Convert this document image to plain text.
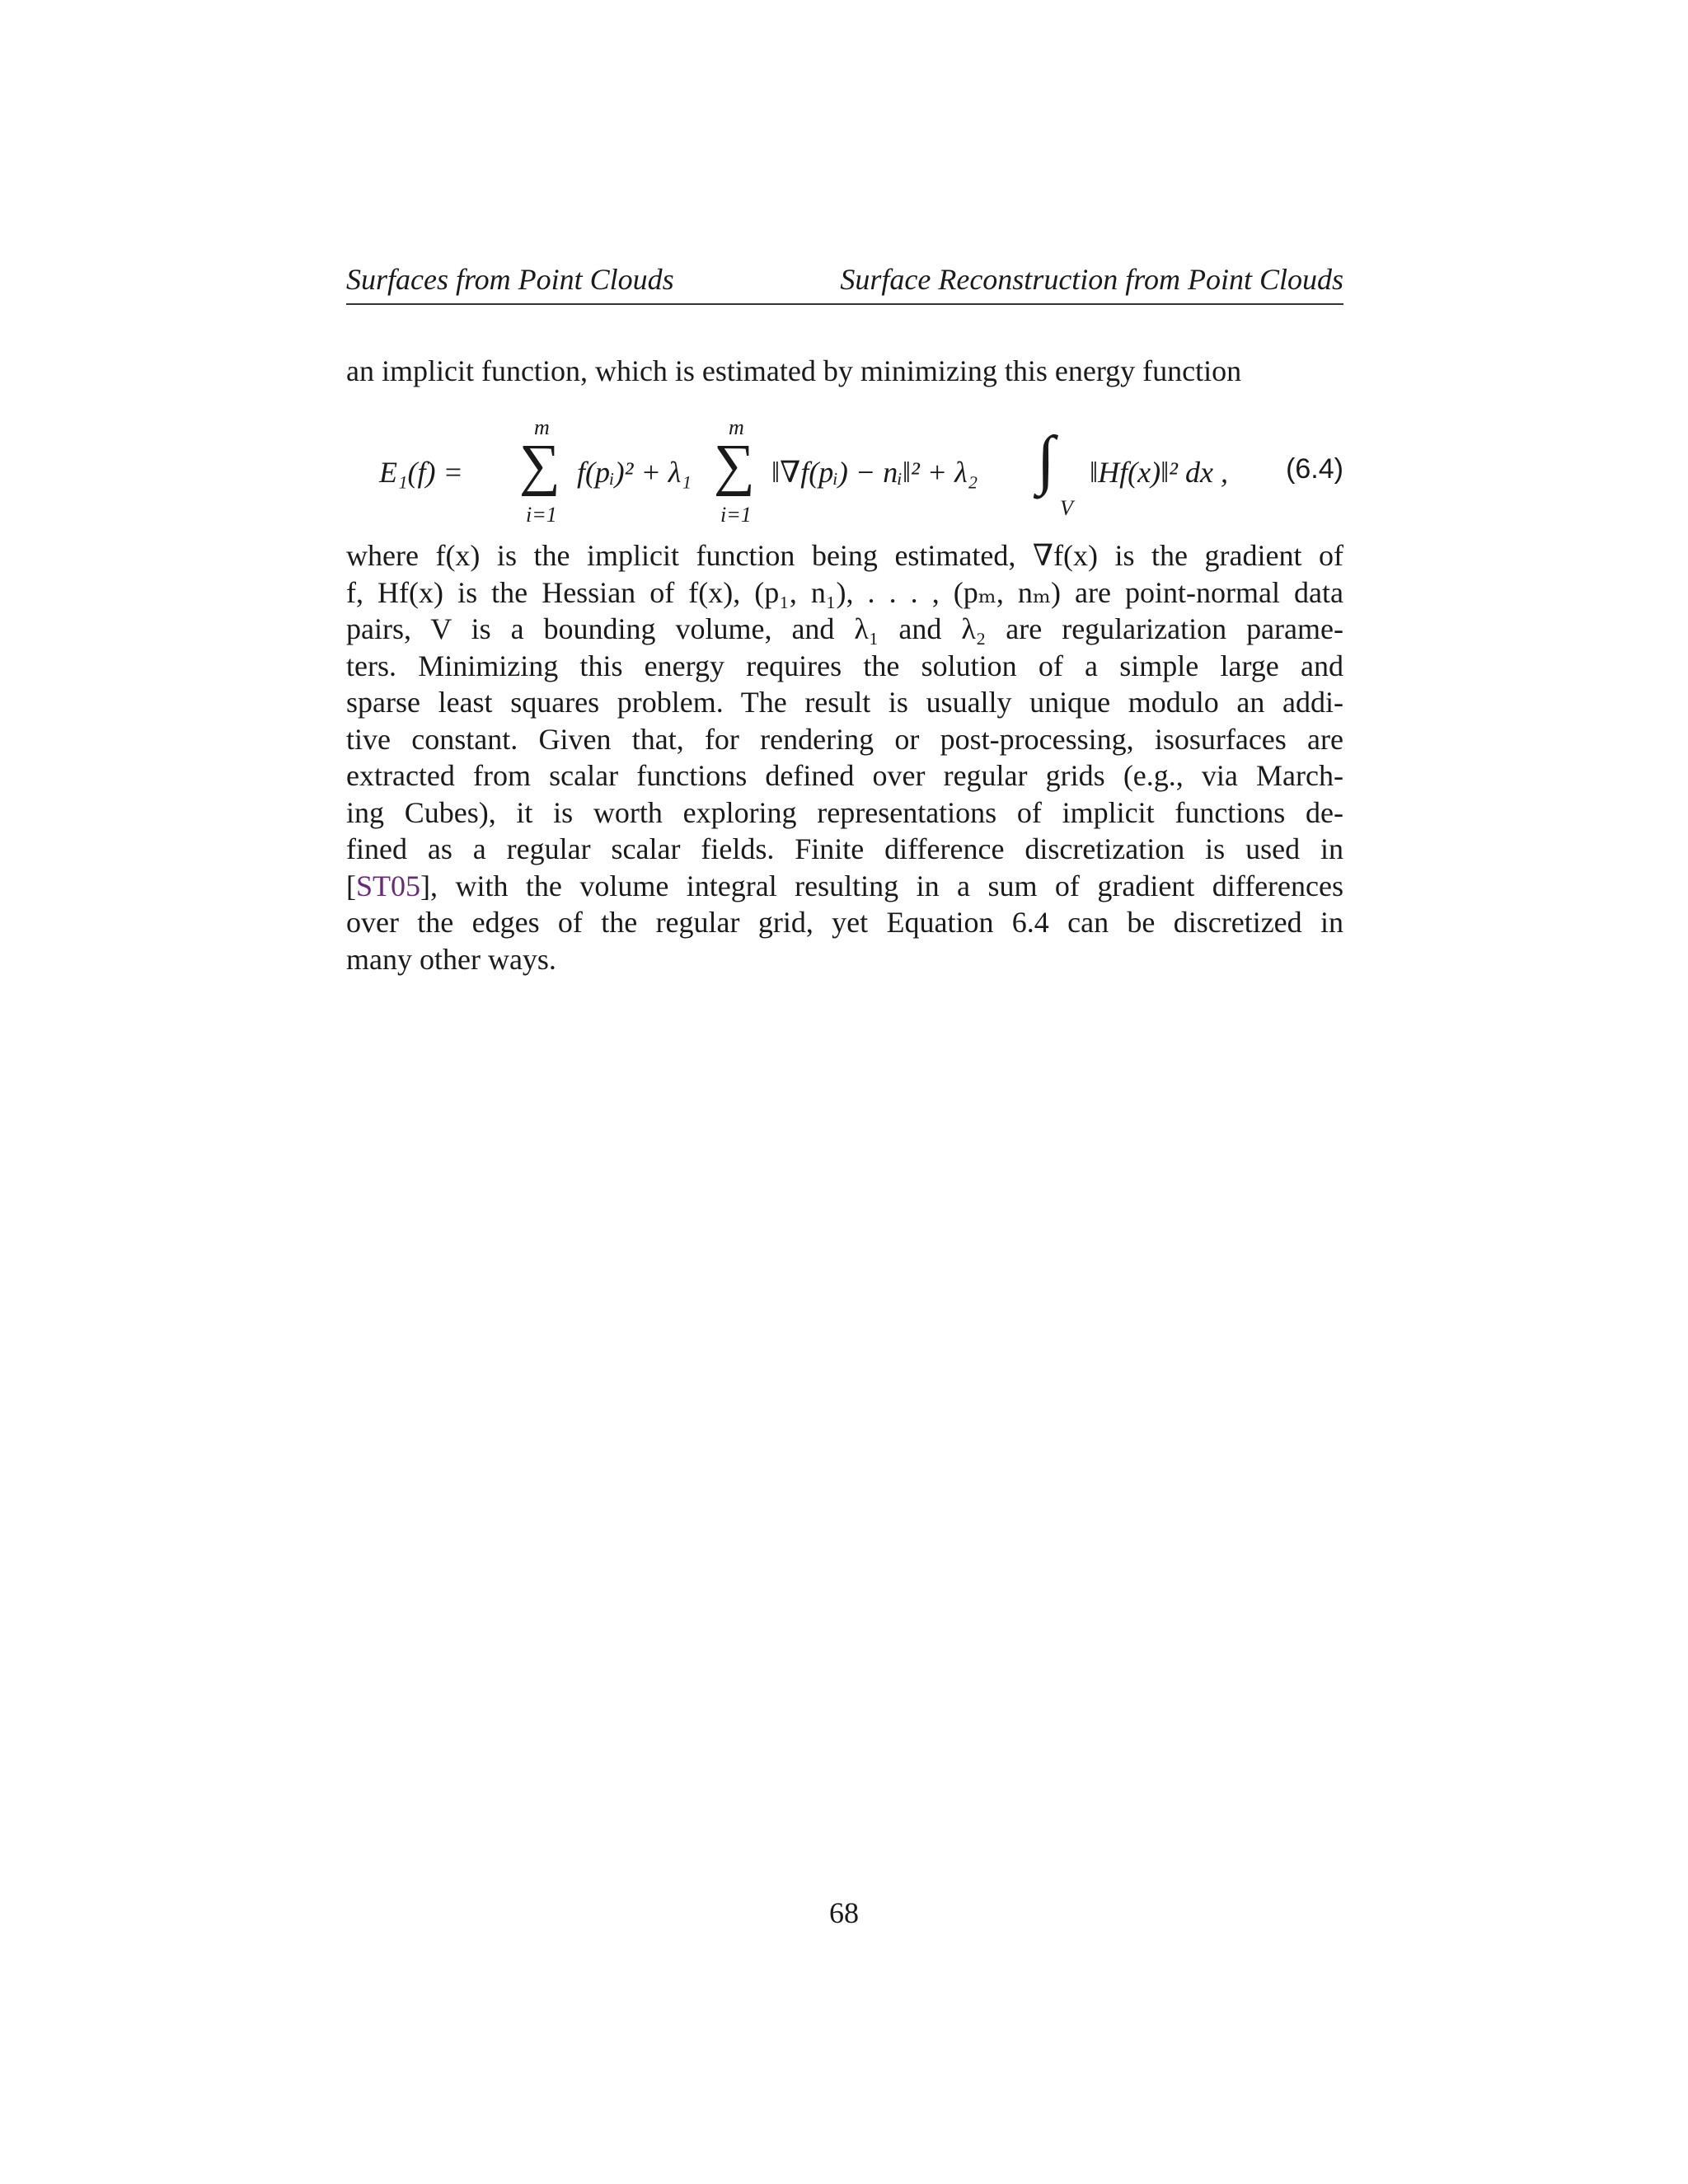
Surfaces from Point Clouds	Surface Reconstruction from Point Clouds
an implicit function, which is estimated by minimizing this energy function
E₁(f) =
m
∑
i=1
f(pᵢ)² + λ₁
m
∑
i=1
‖∇f(pᵢ) − nᵢ‖² + λ₂ ∫
V
‖Hf(x)‖² dx , (6.4)
where f(x) is the implicit function being estimated, ∇f(x) is the gradient of
f, Hf(x) is the Hessian of f(x), (p₁, n₁), . . . , (pₘ, nₘ) are point-normal data
pairs, V is a bounding volume, and λ₁ and λ₂ are regularization parame-
ters. Minimizing this energy requires the solution of a simple large and
sparse least squares problem. The result is usually unique modulo an addi-
tive constant. Given that, for rendering or post-processing, isosurfaces are
extracted from scalar functions defined over regular grids (e.g., via March-
ing Cubes), it is worth exploring representations of implicit functions de-
fined as a regular scalar fields. Finite difference discretization is used in
[ST05], with the volume integral resulting in a sum of gradient differences
over the edges of the regular grid, yet Equation 6.4 can be discretized in
many other ways.
68
